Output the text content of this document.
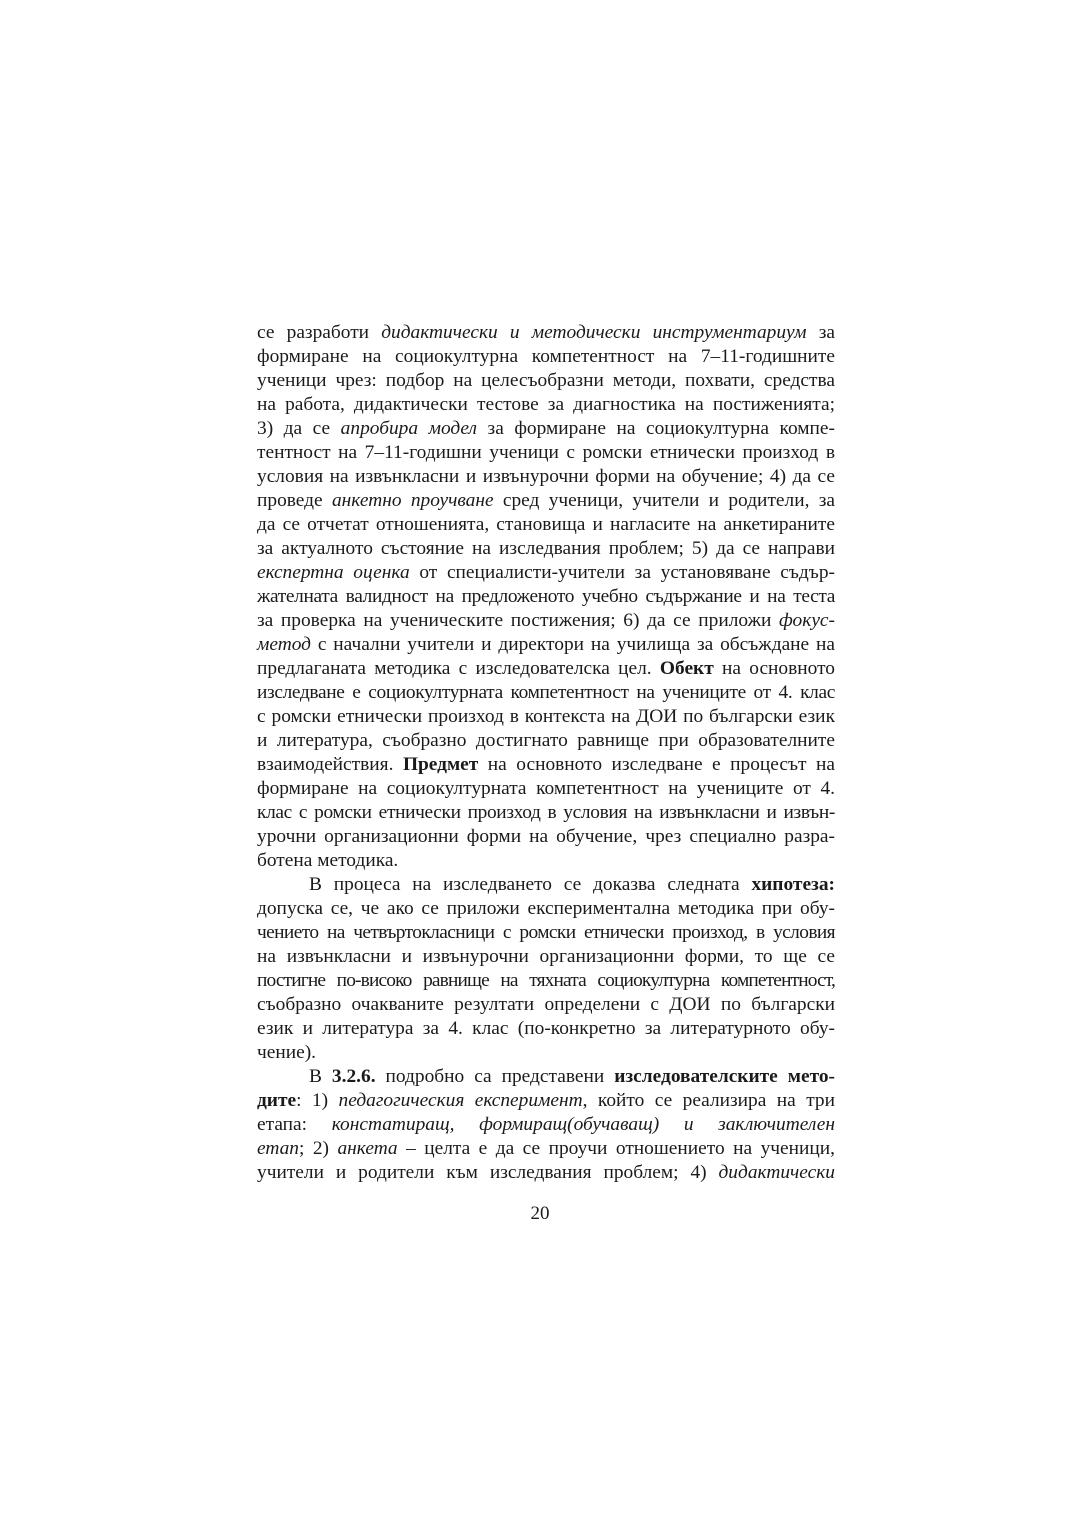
се разработи дидактически и методически инструментариум за
формиране на социокултурна компетентност на 7–11-годишните
ученици чрез: подбор на целесъобразни методи, похвати, средства
на работа, дидактически тестове за диагностика на постиженията;
3) да се апробира модел за формиране на социокултурна компе-
тентност на 7–11-годишни ученици с ромски етнически произход в
условия на извънкласни и извънурочни форми на обучение; 4) да се
проведе анкетно проучване сред ученици, учители и родители, за
да се отчетат отношенията, становища и нагласите на анкетираните
за актуалното състояние на изследвания проблем; 5) да се направи
експертна оценка от специалисти-учители за установяване съдър-
жателната валидност на предложеното учебно съдържание и на теста
за проверка на ученическите постижения; 6) да се приложи фокус-
метод с начални учители и директори на училища за обсъждане на
предлаганата методика с изследователска цел. Обект на основното
изследване е социокултурната компетентност на учениците от 4. клас
с ромски етнически произход в контекста на ДОИ по български език
и литература, съобразно достигнато равнище при образователните
взаимодействия. Предмет на основното изследване е процесът на
формиране на социокултурната компетентност на учениците от 4.
клас с ромски етнически произход в условия на извънкласни и извън-
урочни организационни форми на обучение, чрез специално разра-
ботена методика.
В процеса на изследването се доказва следната хипотеза:
допуска се, че ако се приложи експериментална методика при обу-
чението на четвъртокласници с ромски етнически произход, в условия
на извънкласни и извънурочни организационни форми, то ще се
постигне по-високо равнище на тяхната социокултурна компетентност,
съобразно очакваните резултати определени с ДОИ по български
език и литература за 4. клас (по-конкретно за литературното обу-
чение).
В 3.2.6. подробно са представени изследователските мето-
дите: 1) педагогическия експеримент, който се реализира на три
етапа: констатиращ, формиращ(обучаващ) и заключителен
етап; 2) анкета – целта е да се проучи отношението на ученици,
учители и родители към изследвания проблем; 4) дидактически
20
